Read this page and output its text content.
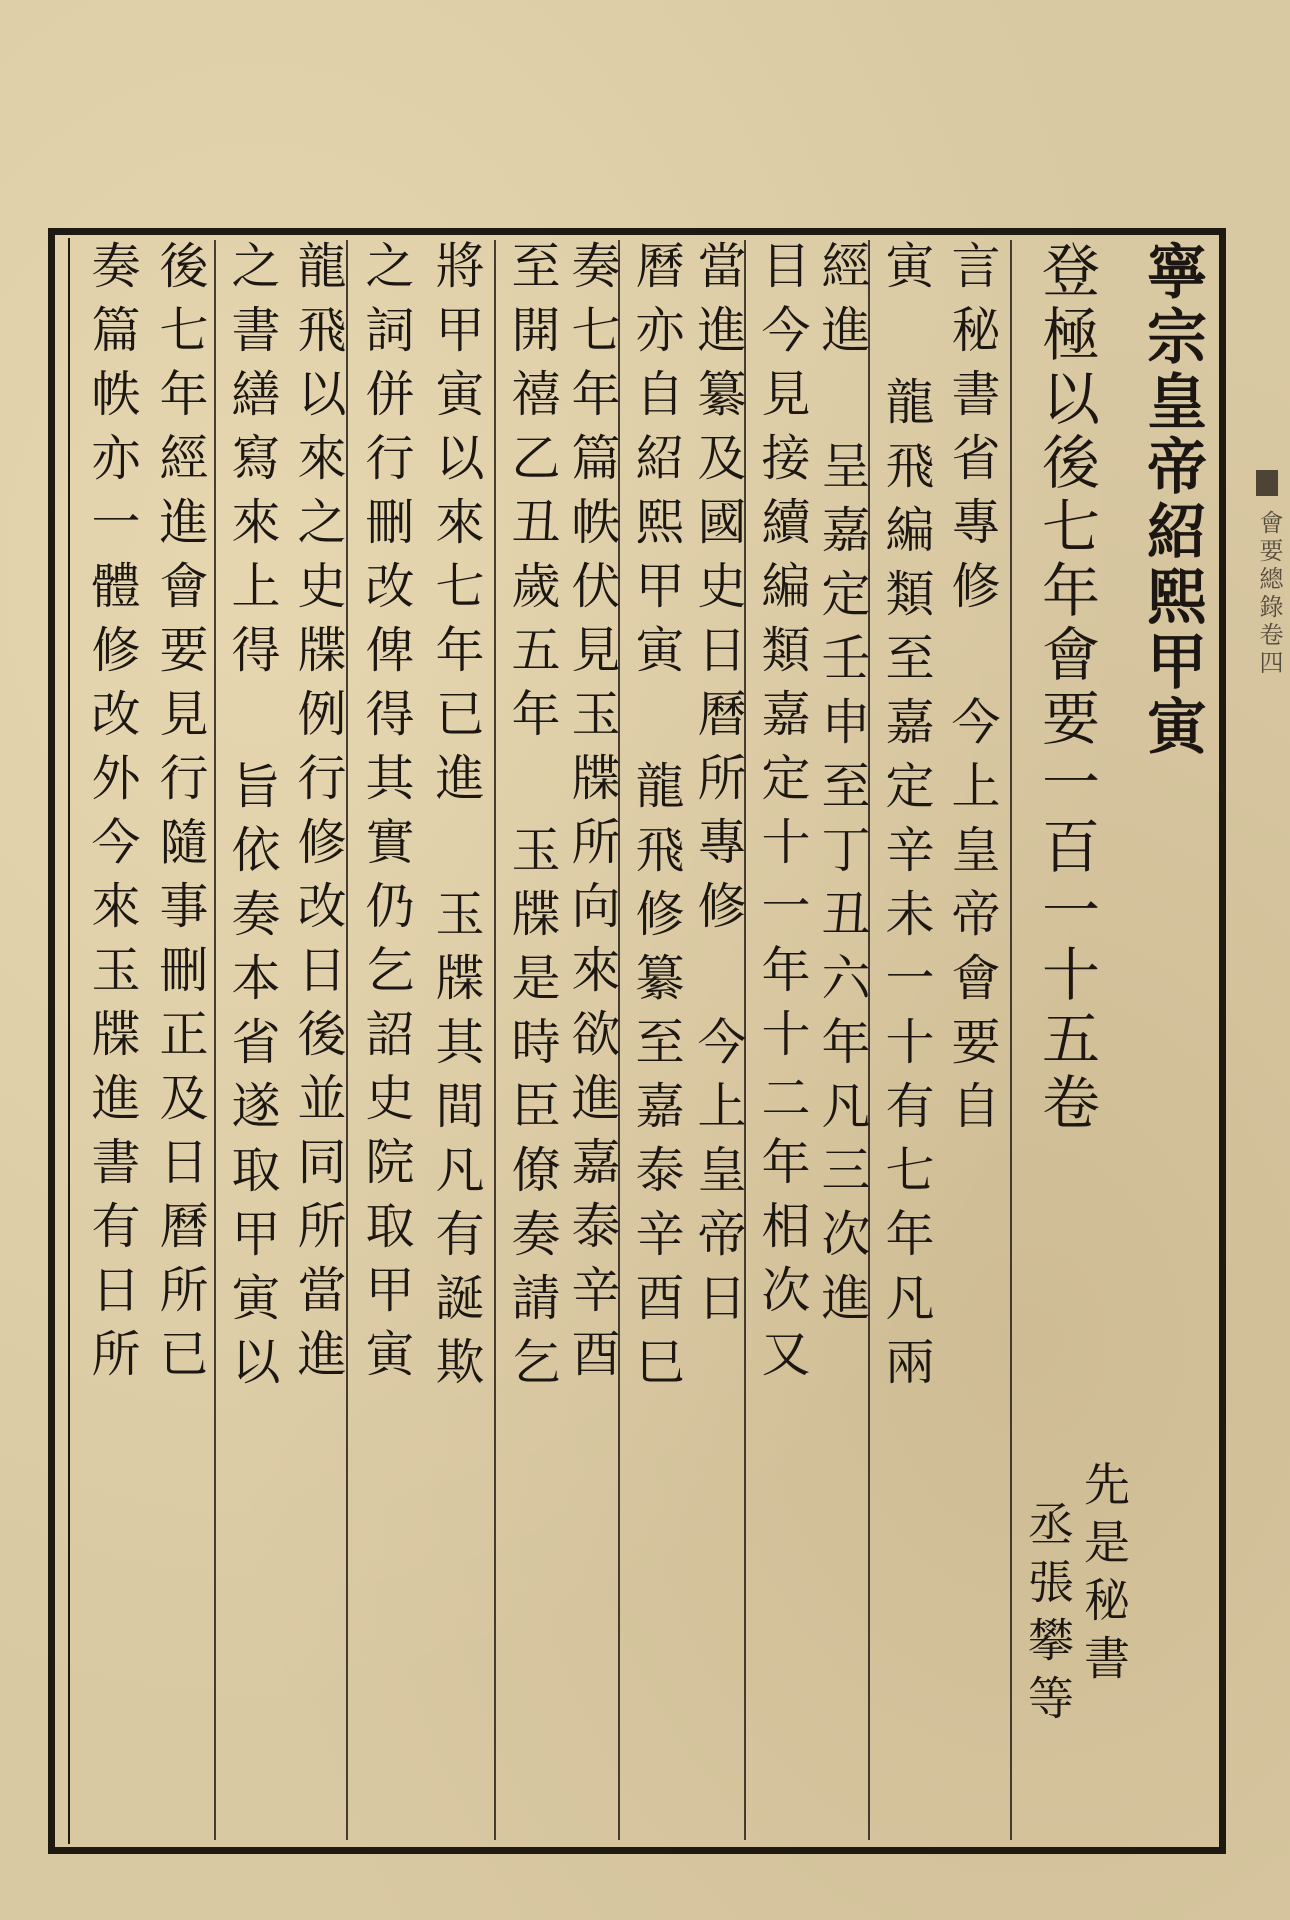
會要總錄卷四
寧宗皇帝紹熙甲寅
登極以後七年會要一百一十五卷
言秘書省專修 今上皇帝會要自
寅 龍飛編類至嘉定辛未一十有七年凡兩
經進 呈嘉定壬申至丁丑六年凡三次進
目今見接續編類嘉定十一年十二年相次又
當進纂及國史日曆所專修 今上皇帝日
曆亦自紹熙甲寅 龍飛修纂至嘉泰辛酉巳
奏七年篇帙伏見玉牒所向來欲進嘉泰辛酉
至開禧乙丑歲五年 玉牒是時臣僚奏請乞
將甲寅以來七年已進 玉牒其間凡有誕欺
之詞併行刪改俾得其實仍乞詔史院取甲寅
龍飛以來之史牒例行修改日後並同所當進
之書繕寫來上得 旨依奏本省遂取甲寅以
後七年經進會要見行隨事刪正及日曆所已
奏篇帙亦一體修改外今來玉牒進書有日所
先是秘書
丞張攀等
